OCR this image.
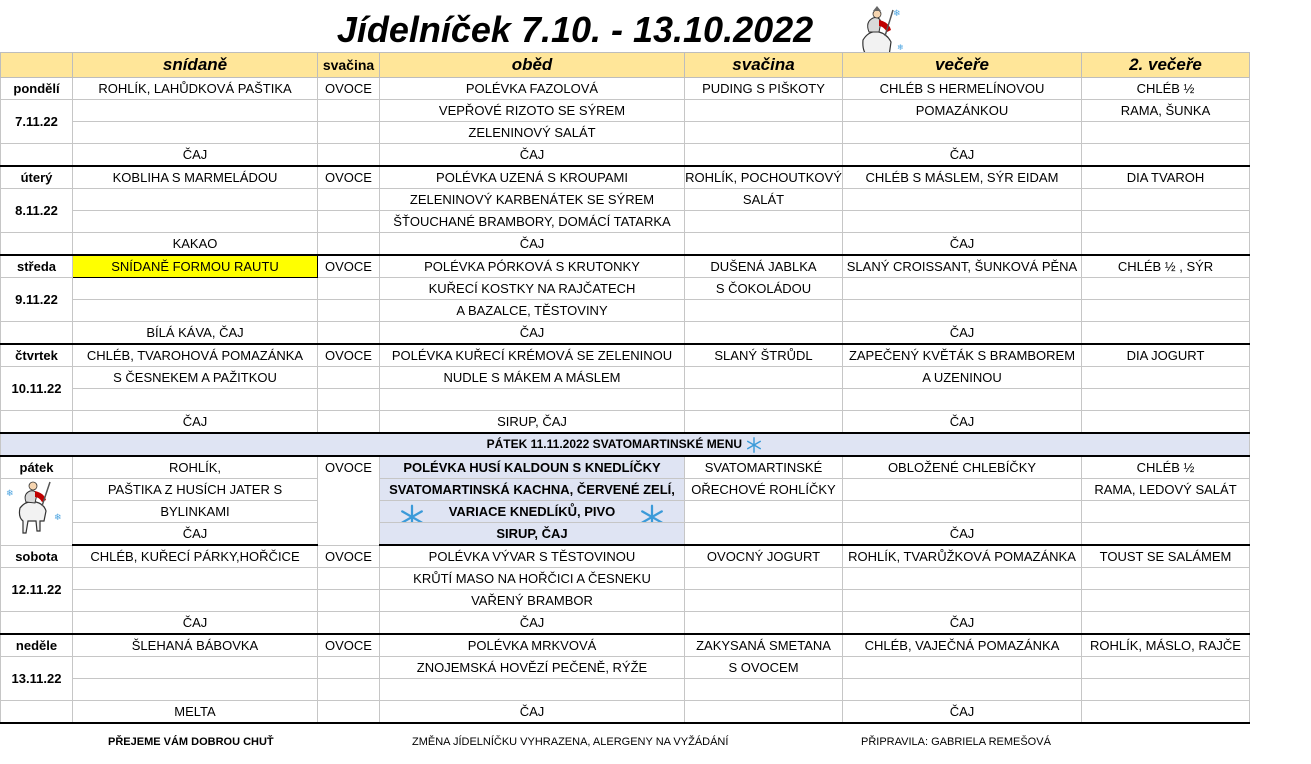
Jídelníček 7.10. - 13.10.2022	❄
❄
	snídaně	svačina	oběd	svačina	večeře	2. večeře
pondělí	ROHLÍK, LAHŮDKOVÁ PAŠTIKA	OVOCE	POLÉVKA FAZOLOVÁ	PUDING S PIŠKOTY	CHLÉB S HERMELÍNOVOU	CHLÉB ½
7.11.22			VEPŘOVÉ RIZOTO SE SÝREM		POMAZÁNKOU	RAMA, ŠUNKA
			ZELENINOVÝ SALÁT			
	ČAJ		ČAJ		ČAJ	
úterý	KOBLIHA S MARMELÁDOU	OVOCE	POLÉVKA UZENÁ S KROUPAMI	ROHLÍK, POCHOUTKOVÝ	CHLÉB S MÁSLEM, SÝR EIDAM	DIA TVAROH
8.11.22			ZELENINOVÝ KARBENÁTEK SE SÝREM	SALÁT		
			ŠŤOUCHANÉ BRAMBORY, DOMÁCÍ TATARKA			
	KAKAO		ČAJ		ČAJ	
středa	SNÍDANĚ FORMOU RAUTU	OVOCE	POLÉVKA PÓRKOVÁ S KRUTONKY	DUŠENÁ JABLKA	SLANÝ CROISSANT, ŠUNKOVÁ PĚNA	CHLÉB ½ , SÝR
9.11.22			KUŘECÍ KOSTKY NA RAJČATECH	S ČOKOLÁDOU		
			A BAZALCE, TĚSTOVINY			
	BÍLÁ KÁVA, ČAJ		ČAJ		ČAJ	
čtvrtek	CHLÉB, TVAROHOVÁ POMAZÁNKA	OVOCE	POLÉVKA KUŘECÍ KRÉMOVÁ SE ZELENINOU	SLANÝ ŠTRŮDL	ZAPEČENÝ KVĚTÁK S BRAMBOREM	DIA JOGURT
10.11.22	S ČESNEKEM A PAŽITKOU		NUDLE S MÁKEM A MÁSLEM		A UZENINOU	

	ČAJ		SIRUP, ČAJ		ČAJ	
PÁTEK 11.11.2022 SVATOMARTINSKÉ MENU						
pátek	ROHLÍK,	OVOCE	POLÉVKA HUSÍ KALDOUN S KNEDLÍČKY	SVATOMARTINSKÉ	OBLOŽENÉ CHLEBÍČKY	CHLÉB ½
	PAŠTIKA Z HUSÍCH JATER S		SVATOMARTINSKÁ KACHNA, ČERVENÉ ZELÍ,	OŘECHOVÉ ROHLÍČKY		RAMA, LEDOVÝ SALÁT
	BYLINKAMI		VARIACE KNEDLÍKŮ, PIVO

	ČAJ		SIRUP, ČAJ		ČAJ	
sobota	CHLÉB, KUŘECÍ PÁRKY,HOŘČICE	OVOCE	POLÉVKA VÝVAR S TĚSTOVINOU	OVOCNÝ JOGURT	ROHLÍK, TVARŮŽKOVÁ POMAZÁNKA	TOUST SE SALÁMEM
12.11.22			KRŮTÍ MASO NA HOŘČICI A ČESNEKU			
			VAŘENÝ BRAMBOR			
	ČAJ		ČAJ		ČAJ	
neděle	ŠLEHANÁ BÁBOVKA	OVOCE	POLÉVKA MRKVOVÁ	ZAKYSANÁ SMETANA	CHLÉB, VAJEČNÁ POMAZÁNKA	ROHLÍK, MÁSLO, RAJČE
13.11.22			ZNOJEMSKÁ HOVĚZÍ PEČENĚ, RÝŽE	S OVOCEM		

	MELTA		ČAJ		ČAJ	
❄
❄
PŘEJEME VÁM DOBROU CHUŤ	ZMĚNA JÍDELNÍČKU VYHRAZENA, ALERGENY NA VYŽÁDÁNÍ	PŘIPRAVILA: GABRIELA REMEŠOVÁ
